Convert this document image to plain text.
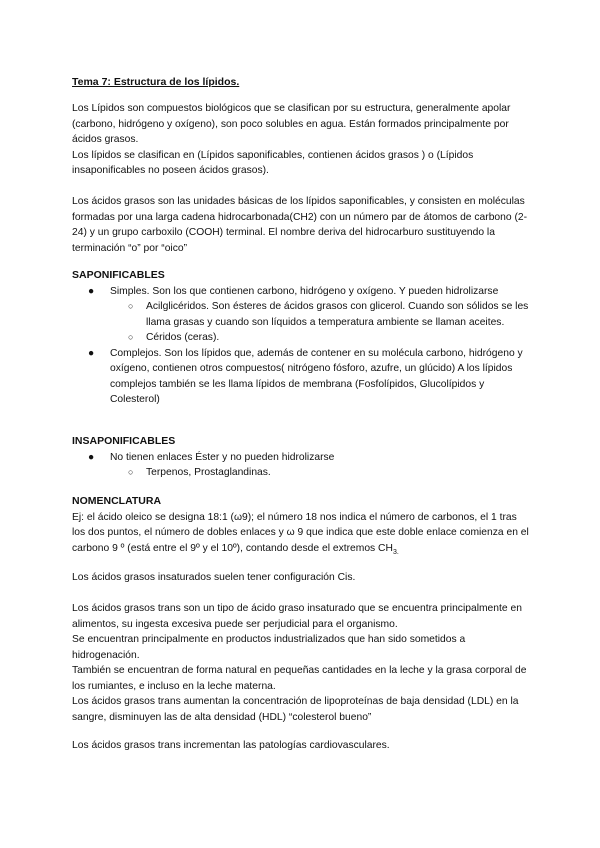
Tema 7: Estructura de los lípidos.

Los Lípidos son compuestos biológicos que se clasifican por su estructura, generalmente apolar (carbono, hidrógeno y oxígeno), son poco solubles en agua. Están formados principalmente por ácidos grasos.

Los lípidos se clasifican en (Lípidos saponificables, contienen ácidos grasos ) o (Lípidos insaponificables no poseen ácidos grasos).

Los ácidos grasos son las unidades básicas de los lípidos saponificables, y consisten en moléculas formadas por una larga cadena hidrocarbonada(CH2) con un número par de átomos de carbono (2-24) y un grupo carboxilo (COOH) terminal. El nombre deriva del hidrocarburo sustituyendo la terminación “o” por “oico”

SAPONIFICABLES

● Simples. Son los que contienen carbono, hidrógeno y oxígeno. Y pueden hidrolizarse
○ Acilglicéridos. Son ésteres de ácidos grasos con glicerol. Cuando son sólidos se les llama grasas y cuando son líquidos a temperatura ambiente se llaman aceites.
○ Céridos (ceras).
● Complejos. Son los lípidos que, además de contener en su molécula carbono, hidrógeno y oxígeno, contienen otros compuestos( nitrógeno fósforo, azufre, un glúcido) A los lípidos complejos también se les llama lípidos de membrana (Fosfolípidos, Glucolípidos y Colesterol)

INSAPONIFICABLES

● No tienen enlaces Éster y no pueden hidrolizarse
○ Terpenos, Prostaglandinas.

NOMENCLATURA

Ej: el ácido oleico se designa 18:1 (ω9); el número 18 nos indica el número de carbonos, el 1 tras los dos puntos, el número de dobles enlaces y ω 9 que indica que este doble enlace comienza en el carbono 9 º (está entre el 9º y el 10º), contando desde el extremos $CH_{3.}$

Los ácidos grasos insaturados suelen tener configuración Cis.

Los ácidos grasos trans son un tipo de ácido graso insaturado que se encuentra principalmente en alimentos, su ingesta excesiva puede ser perjudicial para el organismo.

Se encuentran principalmente en productos industrializados que han sido sometidos a hidrogenación.

También se encuentran de forma natural en pequeñas cantidades en la leche y la grasa corporal de los rumiantes, e incluso en la leche materna.

Los ácidos grasos trans aumentan la concentración de lipoproteínas de baja densidad (LDL) en la sangre, disminuyen las de alta densidad (HDL) “colesterol bueno”

Los ácidos grasos trans incrementan las patologías cardiovasculares.
